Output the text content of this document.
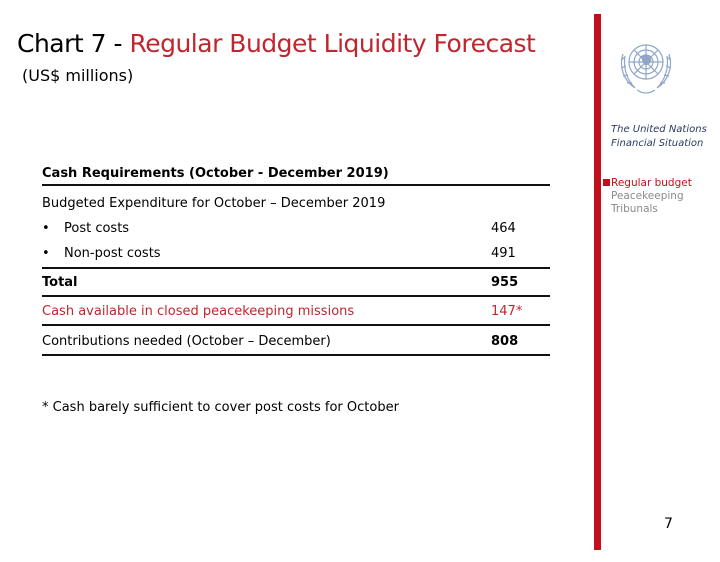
Chart 7 - Regular Budget Liquidity Forecast
(US$ millions)
The United Nations
Financial Situation
Regular budget
Peacekeeping
Tribunals
Cash Requirements (October - December 2019)
Budgeted Expenditure for October – December 2019
• Post costs	464
• Non-post costs	491
Total	955
Cash available in closed peacekeeping missions	147*
Contributions needed (October – December)	808
* Cash barely sufficient to cover post costs for October
7
